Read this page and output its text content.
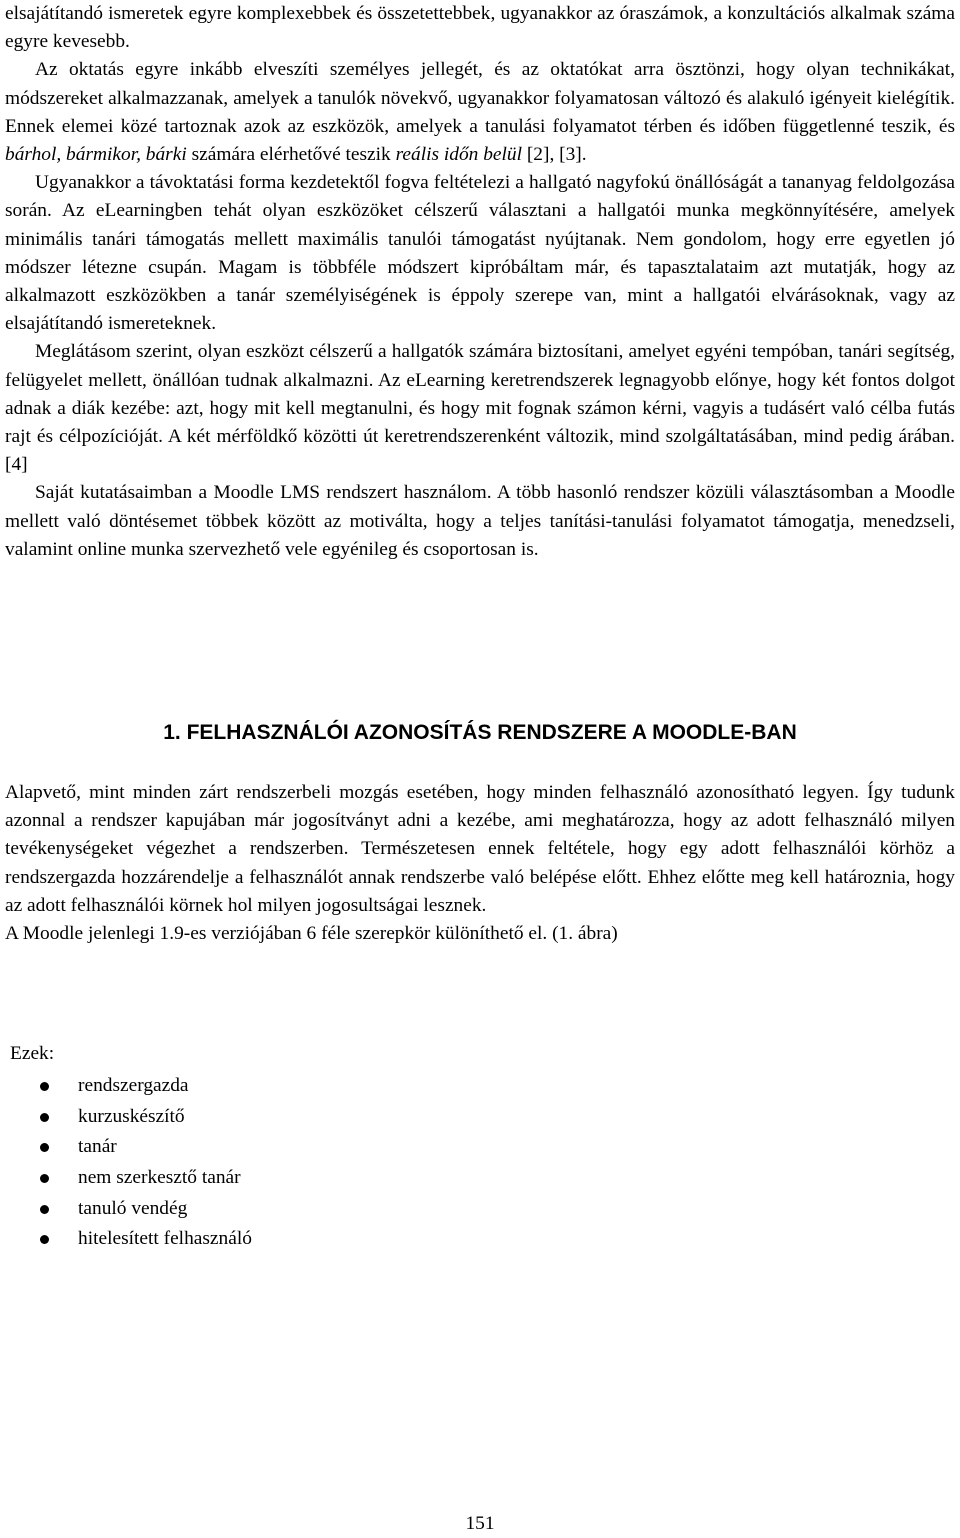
elsajátítandó ismeretek egyre komplexebbek és összetettebbek, ugyanakkor az óraszámok, a konzultációs alkalmak száma egyre kevesebb.

Az oktatás egyre inkább elveszíti személyes jellegét, és az oktatókat arra ösztönzi, hogy olyan technikákat, módszereket alkalmazzanak, amelyek a tanulók növekvő, ugyanakkor folyamatosan változó és alakuló igényeit kielégítik. Ennek elemei közé tartoznak azok az eszközök, amelyek a tanulási folyamatot térben és időben függetlenné teszik, és bárhol, bármikor, bárki számára elérhetővé teszik reális időn belül [2], [3].

Ugyanakkor a távoktatási forma kezdetektől fogva feltételezi a hallgató nagyfokú önállóságát a tananyag feldolgozása során. Az eLearningben tehát olyan eszközöket célszerű választani a hallgatói munka megkönnyítésére, amelyek minimális tanári támogatás mellett maximális tanulói támogatást nyújtanak. Nem gondolom, hogy erre egyetlen jó módszer létezne csupán. Magam is többféle módszert kipróbáltam már, és tapasztalataim azt mutatják, hogy az alkalmazott eszközökben a tanár személyiségének is éppoly szerepe van, mint a hallgatói elvárásoknak, vagy az elsajátítandó ismereteknek.

Meglátásom szerint, olyan eszközt célszerű a hallgatók számára biztosítani, amelyet egyéni tempóban, tanári segítség, felügyelet mellett, önállóan tudnak alkalmazni. Az eLearning keretrendszerek legnagyobb előnye, hogy két fontos dolgot adnak a diák kezébe: azt, hogy mit kell megtanulni, és hogy mit fognak számon kérni, vagyis a tudásért való célba futás rajt és célpozícióját. A két mérföldkő közötti út keretrendszerenként változik, mind szolgáltatásában, mind pedig árában. [4]

Saját kutatásaimban a Moodle LMS rendszert használom. A több hasonló rendszer közüli választásomban a Moodle mellett való döntésemet többek között az motiválta, hogy a teljes tanítási-tanulási folyamatot támogatja, menedzseli, valamint online munka szervezhető vele egyénileg és csoportosan is.

1. FELHASZNÁLÓI AZONOSÍTÁS RENDSZERE A MOODLE-BAN

Alapvető, mint minden zárt rendszerbeli mozgás esetében, hogy minden felhasználó azonosítható legyen. Így tudunk azonnal a rendszer kapujában már jogosítványt adni a kezébe, ami meghatározza, hogy az adott felhasználó milyen tevékenységeket végezhet a rendszerben. Természetesen ennek feltétele, hogy egy adott felhasználói körhöz a rendszergazda hozzárendelje a felhasználót annak rendszerbe való belépése előtt. Ehhez előtte meg kell határoznia, hogy az adott felhasználói körnek hol milyen jogosultságai lesznek.

A Moodle jelenlegi 1.9-es verziójában 6 féle szerepkör különíthető el. (1. ábra)

Ezek:
rendszergazda
kurzuskészítő
tanár
nem szerkesztő tanár
tanuló vendég
hitelesített felhasználó
151
